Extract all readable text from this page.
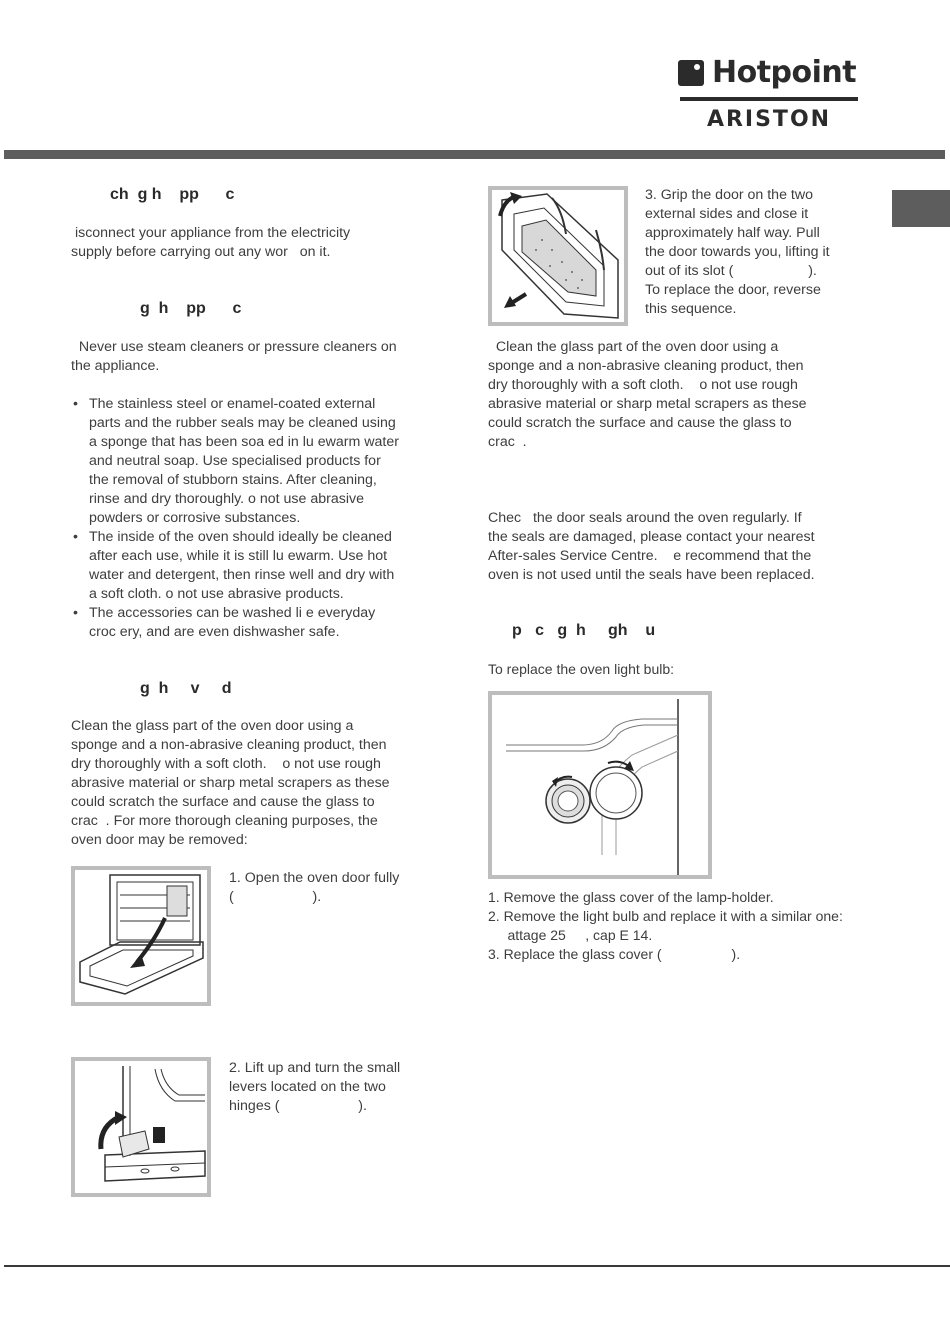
Hotpoint
ARISTON
ch  g h    pp      c
isconnect your appliance from the electricity
supply before carrying out any wor   on it.
g  h    pp      c
Never use steam cleaners or pressure cleaners on
the appliance.
• The stainless steel or enamel-coated external
parts and the rubber seals may be cleaned using
a sponge that has been soa ed in lu ewarm water
and neutral soap. Use specialised products for
the removal of stubborn stains. After cleaning,
rinse and dry thoroughly. o not use abrasive
powders or corrosive substances.
• The inside of the oven should ideally be cleaned
after each use, while it is still lu ewarm. Use hot
water and detergent, then rinse well and dry with
a soft cloth. o not use abrasive products.
• The accessories can be washed li e everyday
croc ery, and are even dishwasher safe.
g  h     v     d
Clean the glass part of the oven door using a
sponge and a non-abrasive cleaning product, then
dry thoroughly with a soft cloth.    o not use rough
abrasive material or sharp metal scrapers as these
could scratch the surface and cause the glass to
crac  . For more thorough cleaning purposes, the
oven door may be removed:
1. Open the oven door fully
(                    ).
2. Lift up and turn the small
levers located on the two
hinges (                    ).
3. Grip the door on the two
external sides and close it
approximately half way. Pull
the door towards you, lifting it
out of its slot (                   ).
To replace the door, reverse
this sequence.
Clean the glass part of the oven door using a
sponge and a non-abrasive cleaning product, then
dry thoroughly with a soft cloth.    o not use rough
abrasive material or sharp metal scrapers as these
could scratch the surface and cause the glass to
crac  .
Chec   the door seals around the oven regularly. If
the seals are damaged, please contact your nearest
After-sales Service Centre.    e recommend that the
oven is not used until the seals have been replaced.
p   c   g  h     gh    u
To replace the oven light bulb:
1. Remove the glass cover of the lamp-holder.
2. Remove the light bulb and replace it with a similar one:
attage 25     , cap E 14.
3. Replace the glass cover (                  ).
